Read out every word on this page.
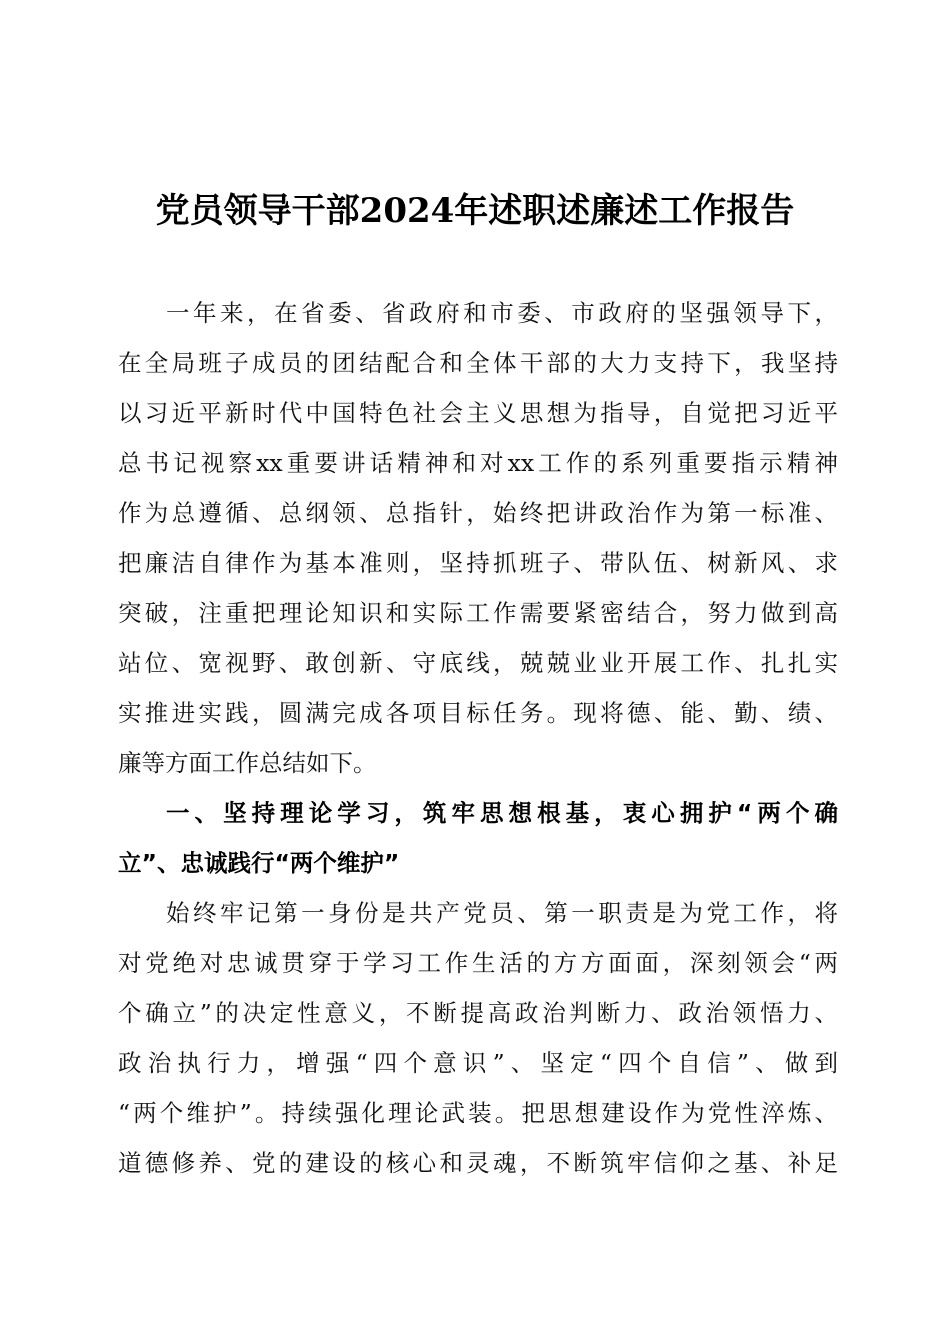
党员领导干部2024年述职述廉述工作报告
一年来，在省委、省政府和市委、市政府的坚强领导下，
在全局班子成员的团结配合和全体干部的大力支持下，我坚持
以习近平新时代中国特色社会主义思想为指导，自觉把习近平
总书记视察xx重要讲话精神和对xx工作的系列重要指示精神
作为总遵循、总纲领、总指针，始终把讲政治作为第一标准、
把廉洁自律作为基本准则，坚持抓班子、带队伍、树新风、求
突破，注重把理论知识和实际工作需要紧密结合，努力做到高
站位、宽视野、敢创新、守底线，兢兢业业开展工作、扎扎实
实推进实践，圆满完成各项目标任务。现将德、能、勤、绩、
廉等方面工作总结如下。
一、坚持理论学习，筑牢思想根基，衷心拥护“两个确
立”、忠诚践行“两个维护”
始终牢记第一身份是共产党员、第一职责是为党工作，将
对党绝对忠诚贯穿于学习工作生活的方方面面，深刻领会“两
个确立”的决定性意义，不断提高政治判断力、政治领悟力、
政治执行力，增强“四个意识”、坚定“四个自信”、做到
“两个维护”。持续强化理论武装。把思想建设作为党性淬炼、
道德修养、党的建设的核心和灵魂，不断筑牢信仰之基、补足
